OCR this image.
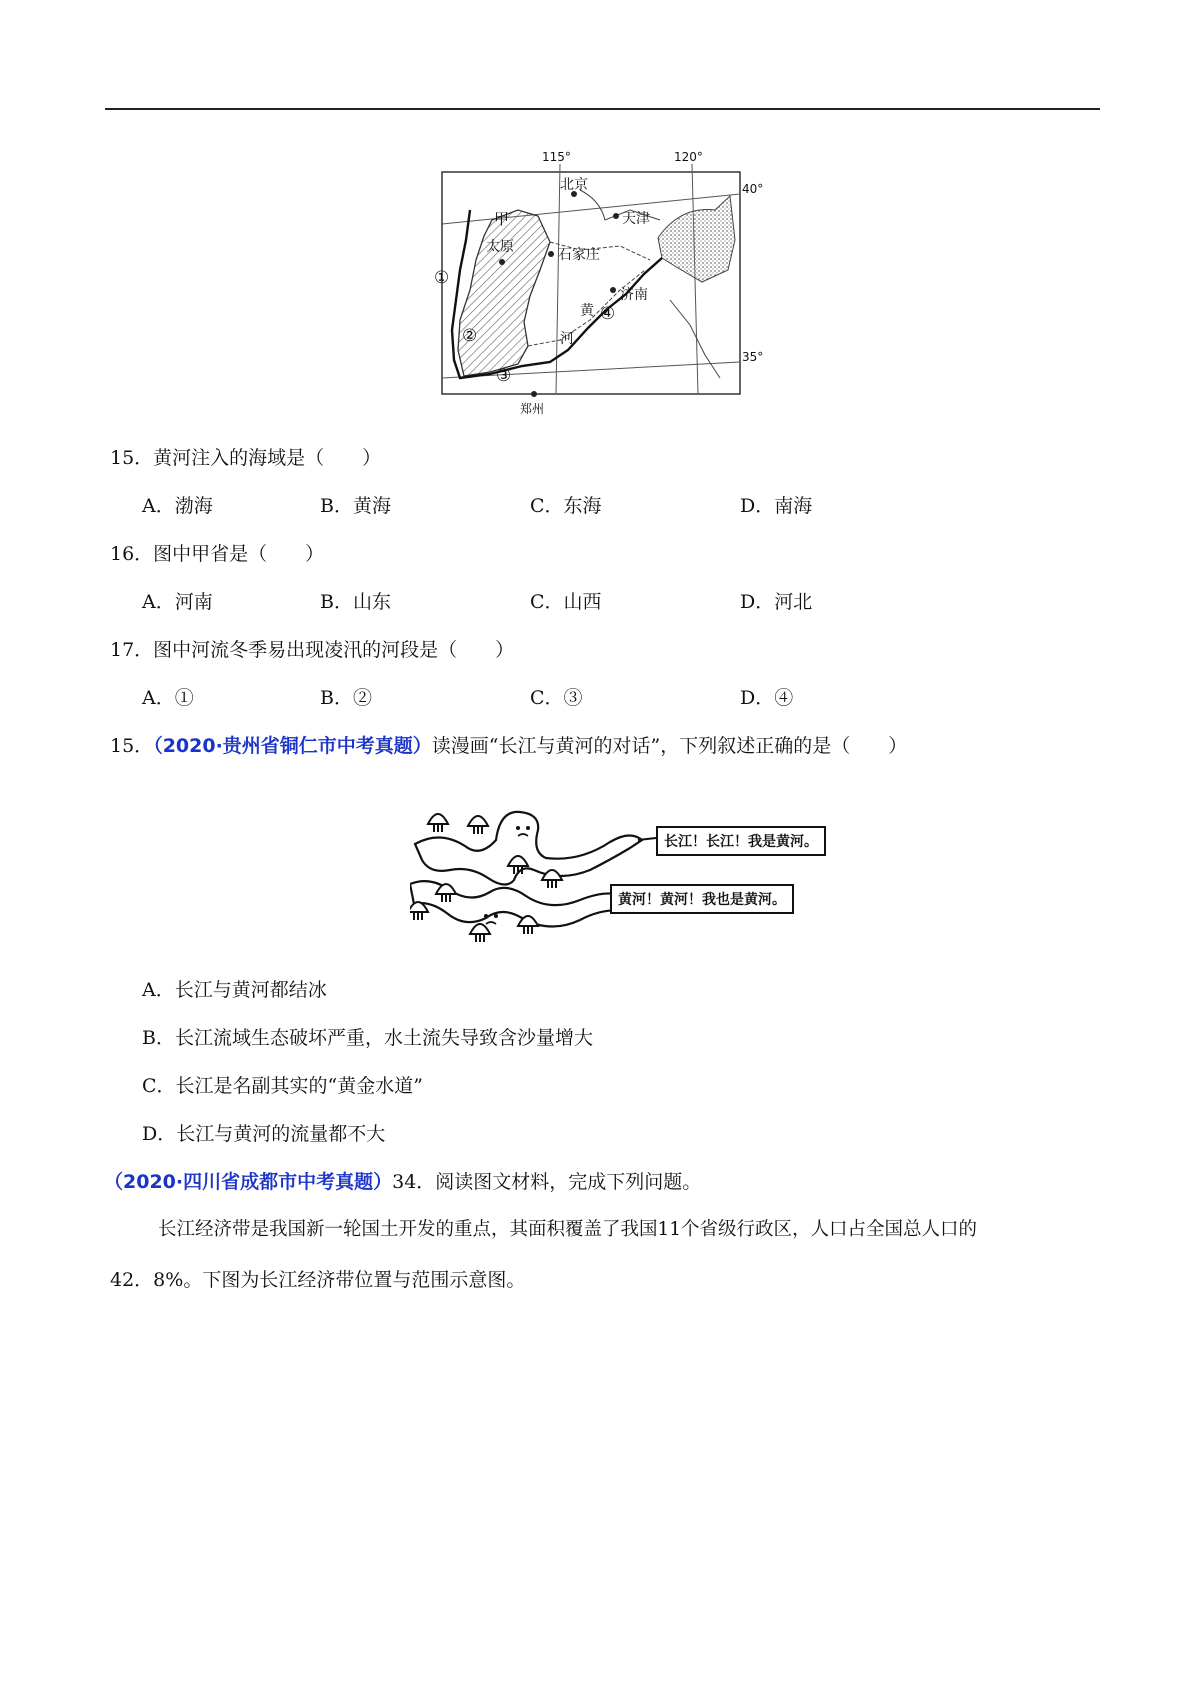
115°	120°
40°
35°
北京
天津
石家庄
太原
济南
郑州
甲
黄
河
①
②
③
④
15．黄河注入的海域是（　　）
A．渤海	B．黄海	C．东海	D．南海
16．图中甲省是（　　）
A．河南	B．山东	C．山西	D．河北
17．图中河流冬季易出现凌汛的河段是（　　）
A．①	B．②	C．③	D．④
15．（2020·贵州省铜仁市中考真题）读漫画“长江与黄河的对话”，下列叙述正确的是（　　）
长江！长江！我是黄河。
黄河！黄河！我也是黄河。
A．长江与黄河都结冰
B．长江流域生态破坏严重，水土流失导致含沙量增大
C．长江是名副其实的“黄金水道”
D．长江与黄河的流量都不大
（2020·四川省成都市中考真题）34．阅读图文材料，完成下列问题。
长江经济带是我国新一轮国土开发的重点，其面积覆盖了我国11个省级行政区，人口占全国总人口的
42．8%。下图为长江经济带位置与范围示意图。
